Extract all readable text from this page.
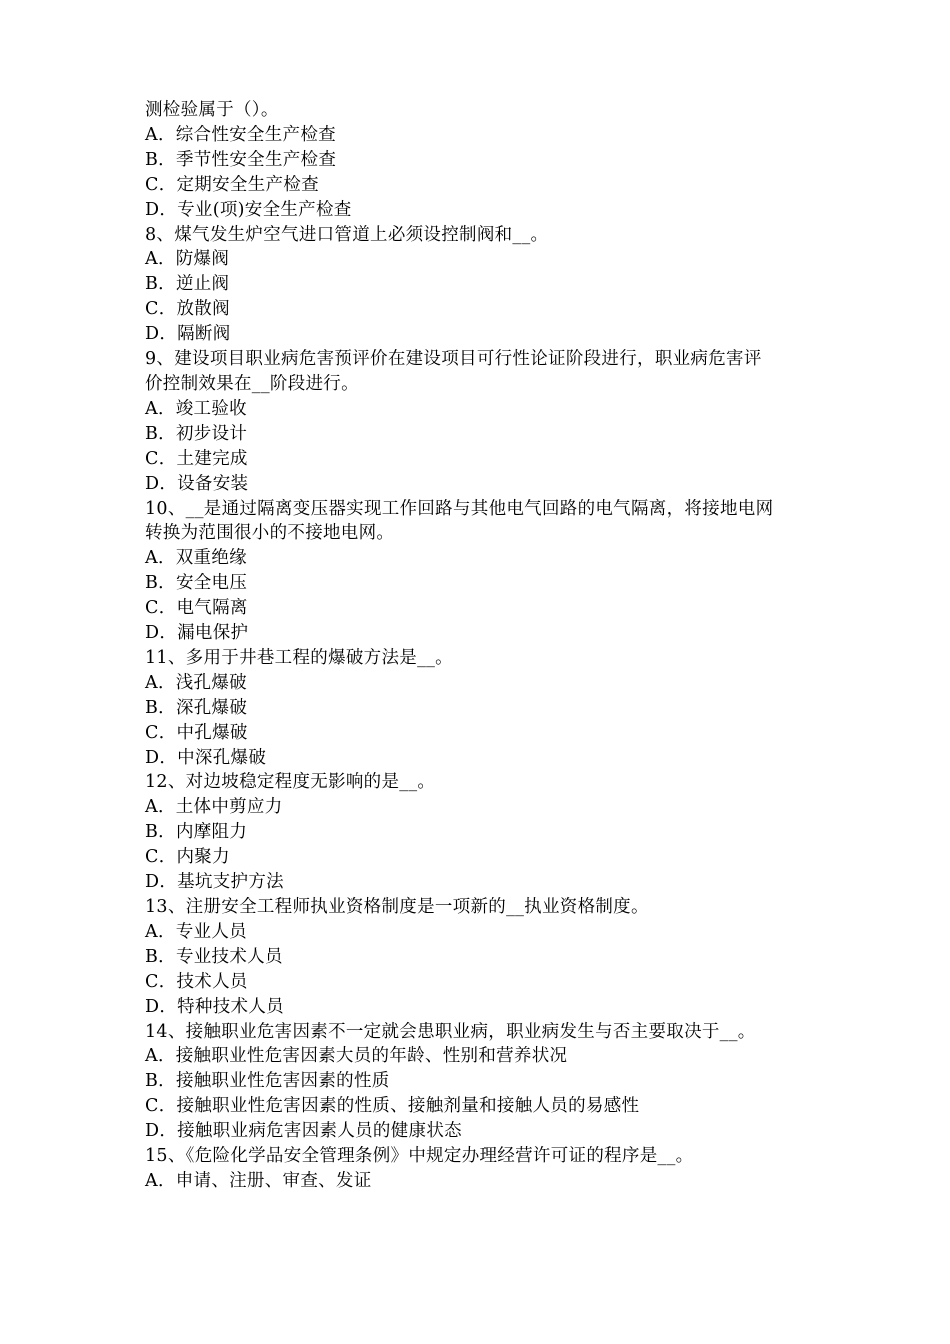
测检验属于（）。
A．综合性安全生产检查
B．季节性安全生产检查
C．定期安全生产检查
D．专业(项)安全生产检查
8、煤气发生炉空气进口管道上必须设控制阀和__。
A．防爆阀
B．逆止阀
C．放散阀
D．隔断阀
9、建设项目职业病危害预评价在建设项目可行性论证阶段进行，职业病危害评
价控制效果在__阶段进行。
A．竣工验收
B．初步设计
C．土建完成
D．设备安装
10、__是通过隔离变压器实现工作回路与其他电气回路的电气隔离，将接地电网
转换为范围很小的不接地电网。
A．双重绝缘
B．安全电压
C．电气隔离
D．漏电保护
11、多用于井巷工程的爆破方法是__。
A．浅孔爆破
B．深孔爆破
C．中孔爆破
D．中深孔爆破
12、对边坡稳定程度无影响的是__。
A．土体中剪应力
B．内摩阻力
C．内聚力
D．基坑支护方法
13、注册安全工程师执业资格制度是一项新的__执业资格制度。
A．专业人员
B．专业技术人员
C．技术人员
D．特种技术人员
14、接触职业危害因素不一定就会患职业病，职业病发生与否主要取决于__。
A．接触职业性危害因素大员的年龄、性别和营养状况
B．接触职业性危害因素的性质
C．接触职业性危害因素的性质、接触剂量和接触人员的易感性
D．接触职业病危害因素人员的健康状态
15、《危险化学品安全管理条例》中规定办理经营许可证的程序是__。
A．申请、注册、审查、发证
